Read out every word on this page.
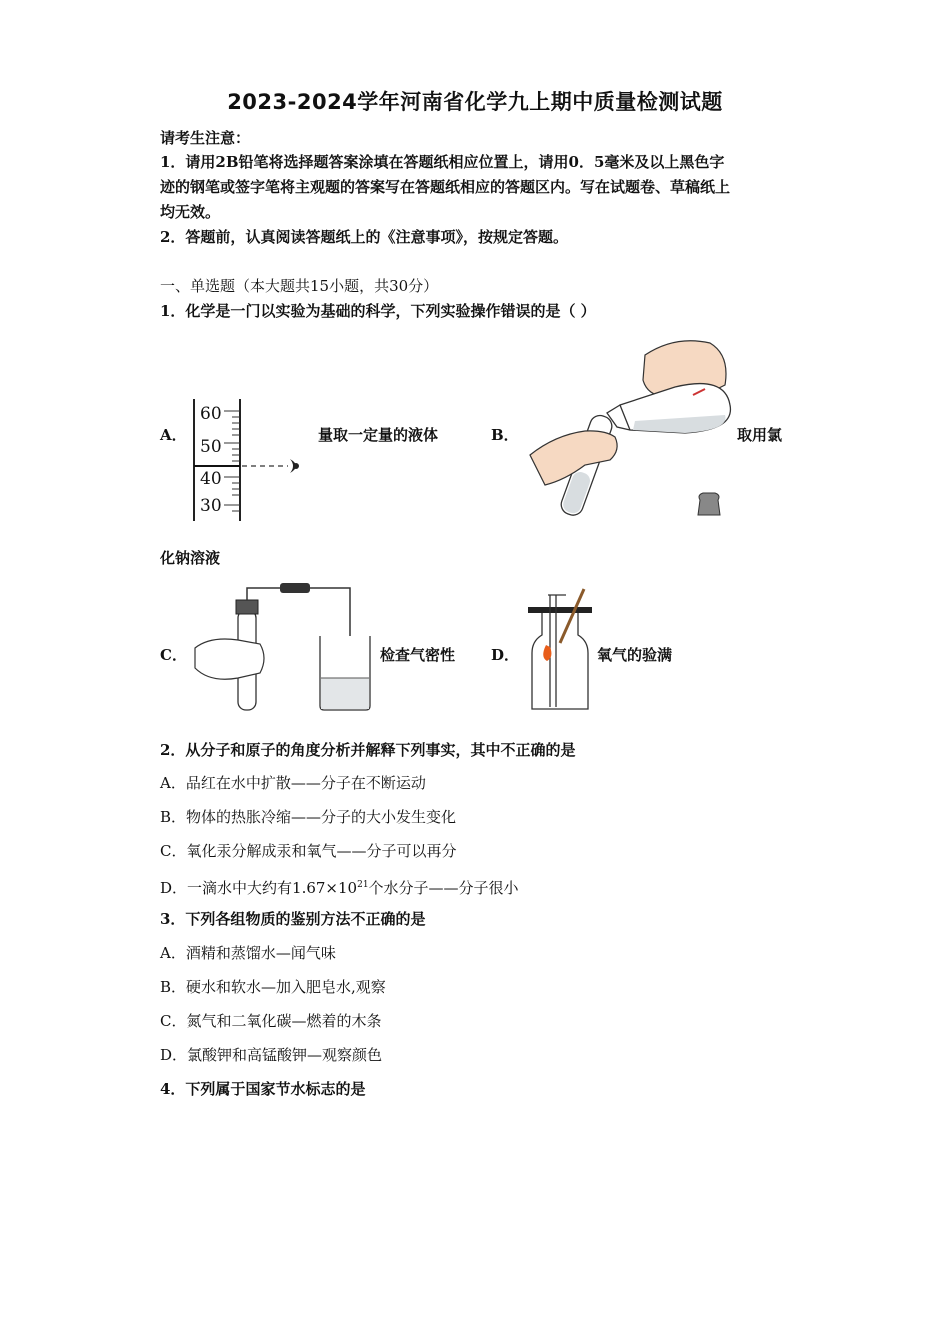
2023-2024学年河南省化学九上期中质量检测试题
请考生注意：
1．请用2B铅笔将选择题答案涂填在答题纸相应位置上，请用0．5毫米及以上黑色字
迹的钢笔或签字笔将主观题的答案写在答题纸相应的答题区内。写在试题卷、草稿纸上
均无效。
2．答题前，认真阅读答题纸上的《注意事项》，按规定答题。
一、单选题（本大题共15小题，共30分）
1．化学是一门以实验为基础的科学，下列实验操作错误的是（ ）
A．
60
50
40
30
量取一定量的液体	B．	取用氯
化钠溶液
C．	检查气密性 D．	氧气的验满
2．从分子和原子的角度分析并解释下列事实，其中不正确的是
A．品红在水中扩散——分子在不断运动
B．物体的热胀冷缩——分子的大小发生变化
C．氧化汞分解成汞和氧气——分子可以再分
D．一滴水中大约有$1.67\times 10^{21}$个水分子——分子很小
3．下列各组物质的鉴别方法不正确的是
A．酒精和蒸馏水—闻气味
B．硬水和软水—加入肥皂水,观察
C．氮气和二氧化碳—燃着的木条
D．氯酸钾和高锰酸钾—观察颜色
4．下列属于国家节水标志的是
